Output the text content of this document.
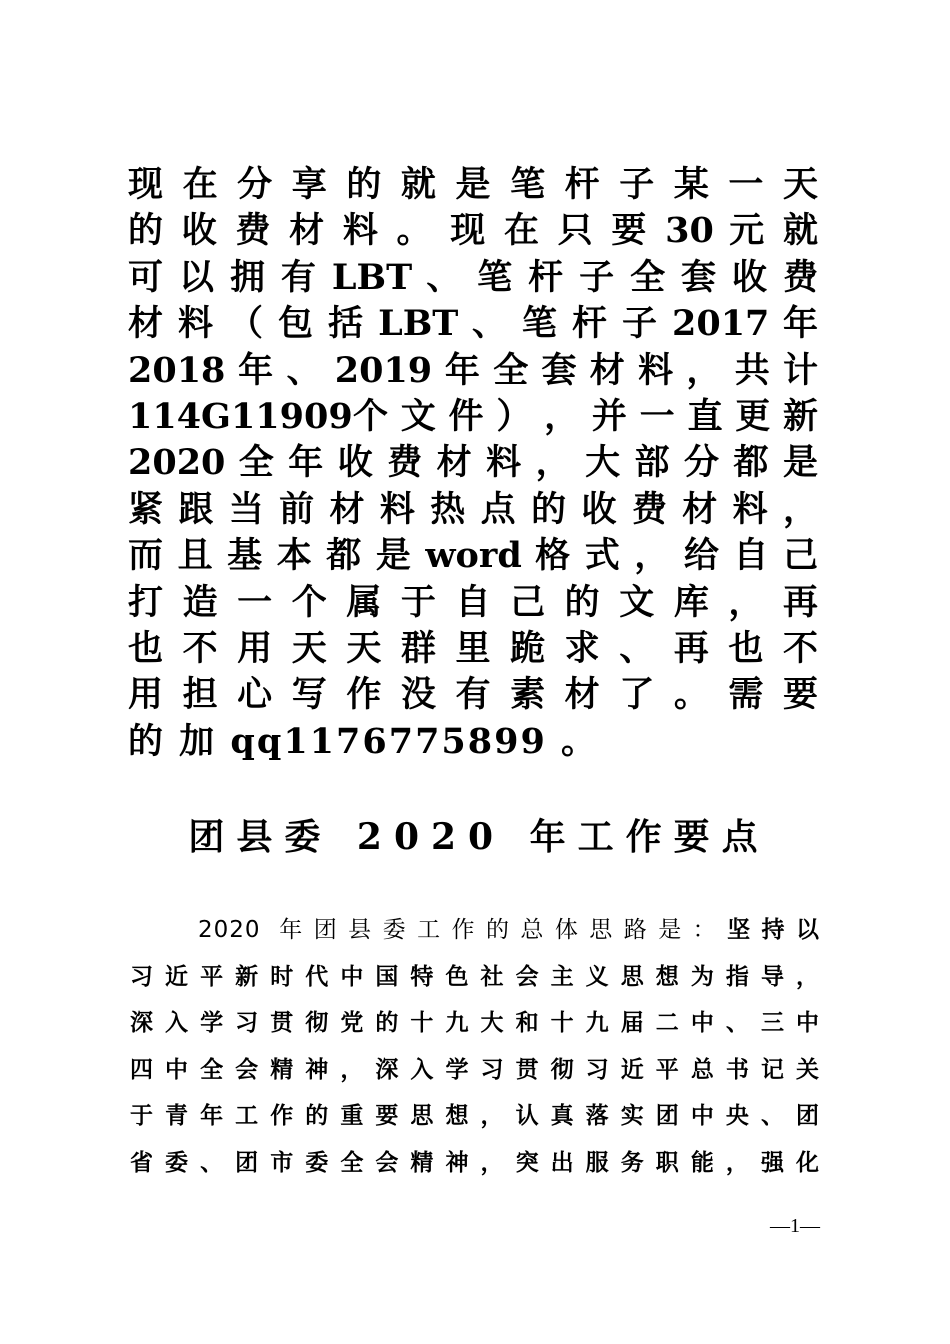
现 在 分 享 的 就 是 笔 杆 子 某 一 天
的 收 费 材 料 。 现 在 只 要 30 元 就
可 以 拥 有 LBT 、 笔 杆 子 全 套 收 费
材 料 （ 包 括 LBT 、 笔 杆 子 2017 年
2018 年 、 2019 年 全 套 材 料 ， 共 计
114G11909个 文 件 ） ， 并 一 直 更 新
2020 全 年 收 费 材 料 ， 大 部 分 都 是
紧 跟 当 前 材 料 热 点 的 收 费 材 料 ，
而 且 基 本 都 是 word 格 式 ， 给 自 己
打 造 一 个 属 于 自 己 的 文 库 ， 再
也 不 用 天 天 群 里 跪 求 、 再 也 不
用 担 心 写 作 没 有 素 材 了 。 需 要
的 加 qq1176775899 。
团县委 2020 年工作要点
2020 年团县委工作的总体思路是：坚持以
习近平新时代中国特色社会主义思想为指导，
深入学习贯彻党的十九大和十九届二中、三中
四中全会精神，深入学习贯彻习近平总书记关
于青年工作的重要思想，认真落实团中央、团
省委、团市委全会精神，突出服务职能，强化
—1—
